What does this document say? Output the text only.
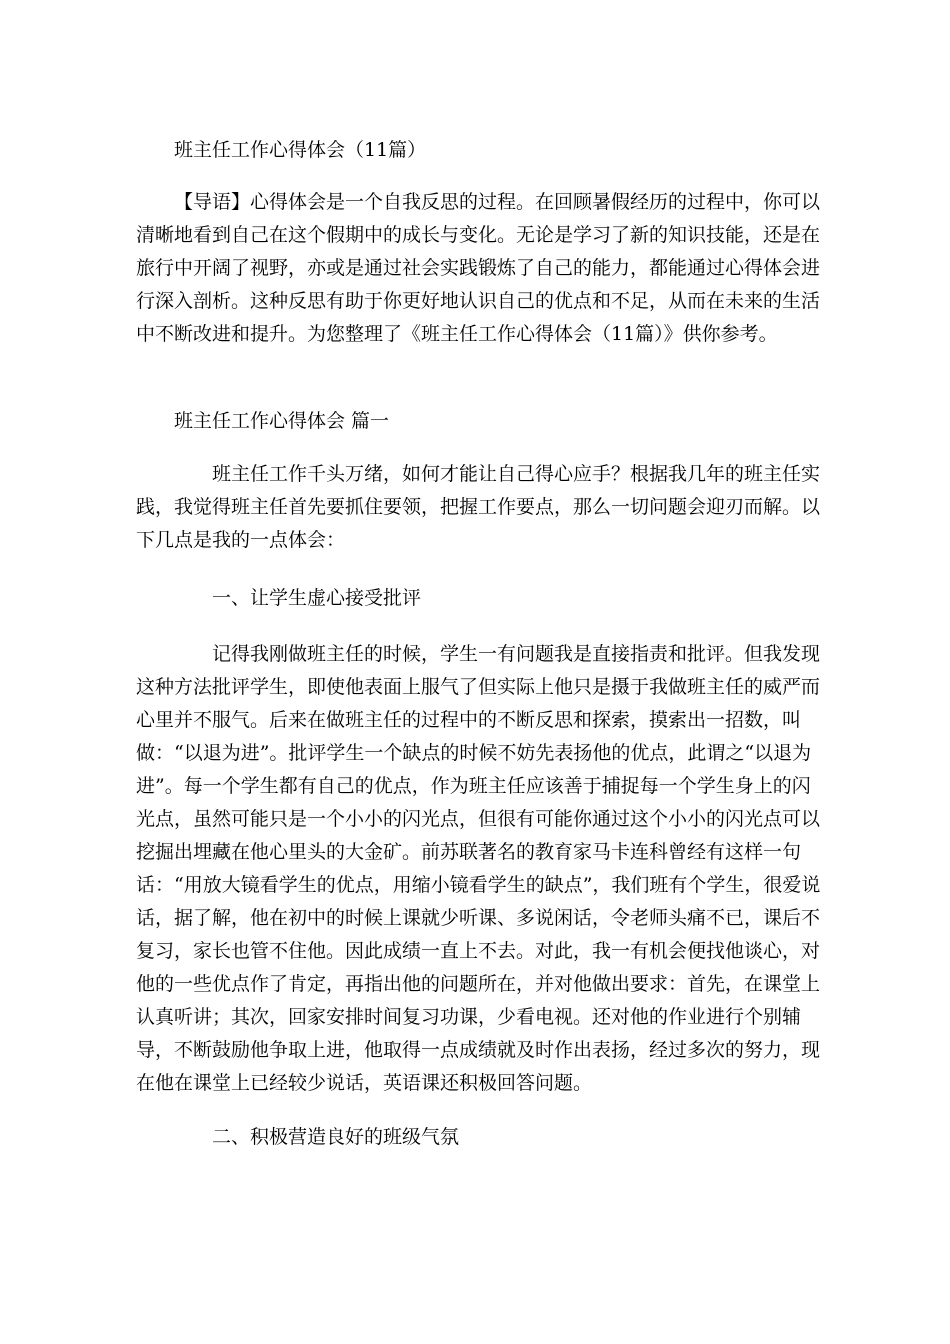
班主任工作心得体会（11篇）

【导语】心得体会是一个自我反思的过程。在回顾暑假经历的过程中，你可以清晰地看到自己在这个假期中的成长与变化。无论是学习了新的知识技能，还是在旅行中开阔了视野，亦或是通过社会实践锻炼了自己的能力，都能通过心得体会进行深入剖析。这种反思有助于你更好地认识自己的优点和不足，从而在未来的生活中不断改进和提升。为您整理了《班主任工作心得体会（11篇）》供你参考。

班主任工作心得体会 篇一

班主任工作千头万绪，如何才能让自己得心应手？根据我几年的班主任实践，我觉得班主任首先要抓住要领，把握工作要点，那么一切问题会迎刃而解。以下几点是我的一点体会：

一、让学生虚心接受批评

记得我刚做班主任的时候，学生一有问题我是直接指责和批评。但我发现这种方法批评学生，即使他表面上服气了但实际上他只是摄于我做班主任的威严而心里并不服气。后来在做班主任的过程中的不断反思和探索，摸索出一招数，叫做：“以退为进”。批评学生一个缺点的时候不妨先表扬他的优点，此谓之“以退为进”。每一个学生都有自己的优点，作为班主任应该善于捕捉每一个学生身上的闪光点，虽然可能只是一个小小的闪光点，但很有可能你通过这个小小的闪光点可以挖掘出埋藏在他心里头的大金矿。前苏联著名的教育家马卡连科曾经有这样一句话：“用放大镜看学生的优点，用缩小镜看学生的缺点”，我们班有个学生，很爱说话，据了解，他在初中的时候上课就少听课、多说闲话，令老师头痛不已，课后不复习，家长也管不住他。因此成绩一直上不去。对此，我一有机会便找他谈心，对他的一些优点作了肯定，再指出他的问题所在，并对他做出要求：首先，在课堂上认真听讲；其次，回家安排时间复习功课，少看电视。还对他的作业进行个别辅导，不断鼓励他争取上进，他取得一点成绩就及时作出表扬，经过多次的努力，现在他在课堂上已经较少说话，英语课还积极回答问题。

二、积极营造良好的班级气氛
